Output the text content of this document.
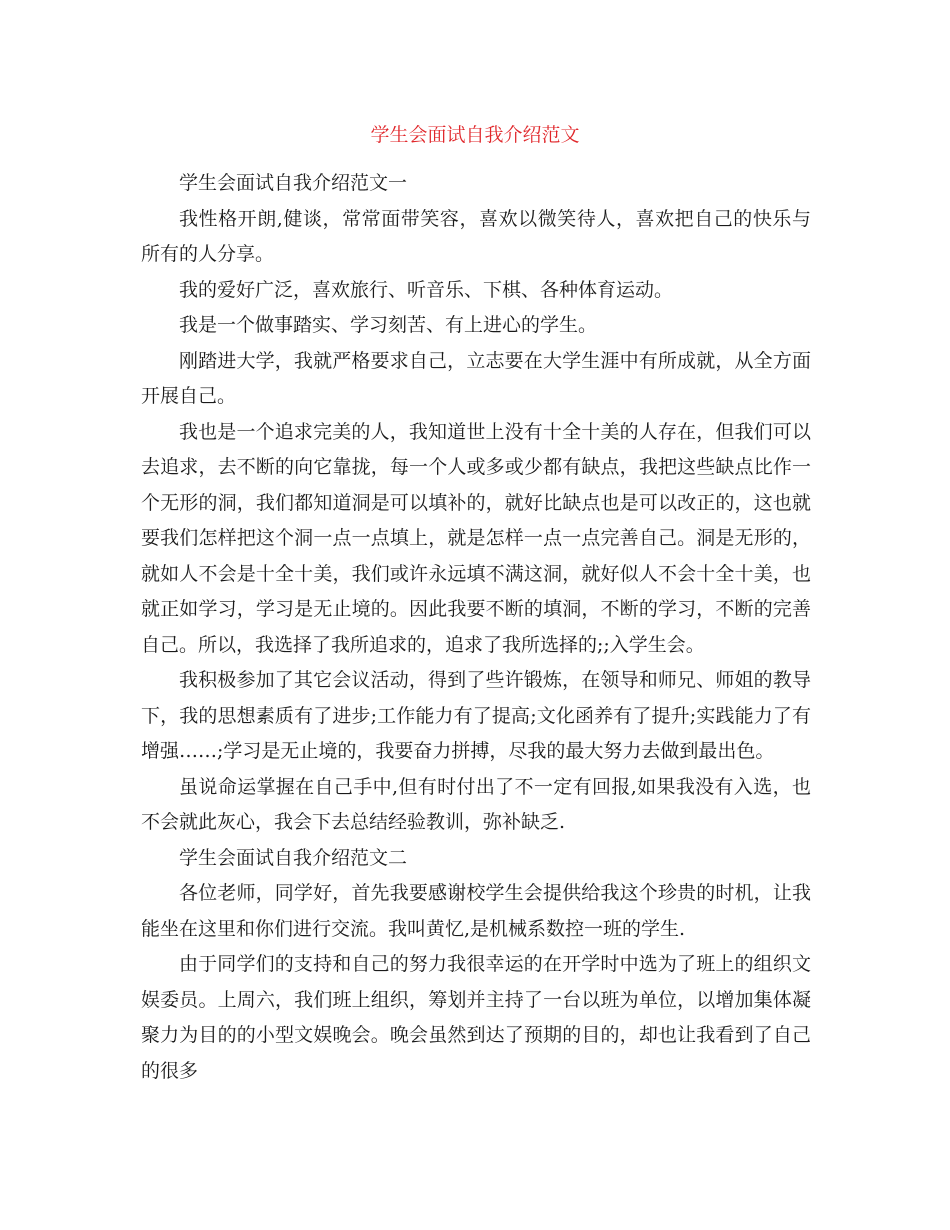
学生会面试自我介绍范文

学生会面试自我介绍范文一

我性格开朗,健谈，常常面带笑容，喜欢以微笑待人，喜欢把自己的快乐与所有的人分享。

我的爱好广泛，喜欢旅行、听音乐、下棋、各种体育运动。

我是一个做事踏实、学习刻苦、有上进心的学生。

刚踏进大学，我就严格要求自己，立志要在大学生涯中有所成就，从全方面开展自己。

我也是一个追求完美的人，我知道世上没有十全十美的人存在，但我们可以去追求，去不断的向它靠拢，每一个人或多或少都有缺点，我把这些缺点比作一个无形的洞，我们都知道洞是可以填补的，就好比缺点也是可以改正的，这也就要我们怎样把这个洞一点一点填上，就是怎样一点一点完善自己。洞是无形的，就如人不会是十全十美，我们或许永远填不满这洞，就好似人不会十全十美，也就正如学习，学习是无止境的。因此我要不断的填洞，不断的学习，不断的完善自己。所以，我选择了我所追求的，追求了我所选择的;;入学生会。

我积极参加了其它会议活动，得到了些许锻炼，在领导和师兄、师姐的教导下，我的思想素质有了进步;工作能力有了提高;文化函养有了提升;实践能力了有增强……;学习是无止境的，我要奋力拼搏，尽我的最大努力去做到最出色。

虽说命运掌握在自己手中,但有时付出了不一定有回报,如果我没有入选，也不会就此灰心，我会下去总结经验教训，弥补缺乏.

学生会面试自我介绍范文二

各位老师，同学好，首先我要感谢校学生会提供给我这个珍贵的时机，让我能坐在这里和你们进行交流。我叫黄忆,是机械系数控一班的学生.

由于同学们的支持和自己的努力我很幸运的在开学时中选为了班上的组织文娱委员。上周六，我们班上组织，筹划并主持了一台以班为单位，以增加集体凝聚力为目的的小型文娱晚会。晚会虽然到达了预期的目的，却也让我看到了自己的很多
